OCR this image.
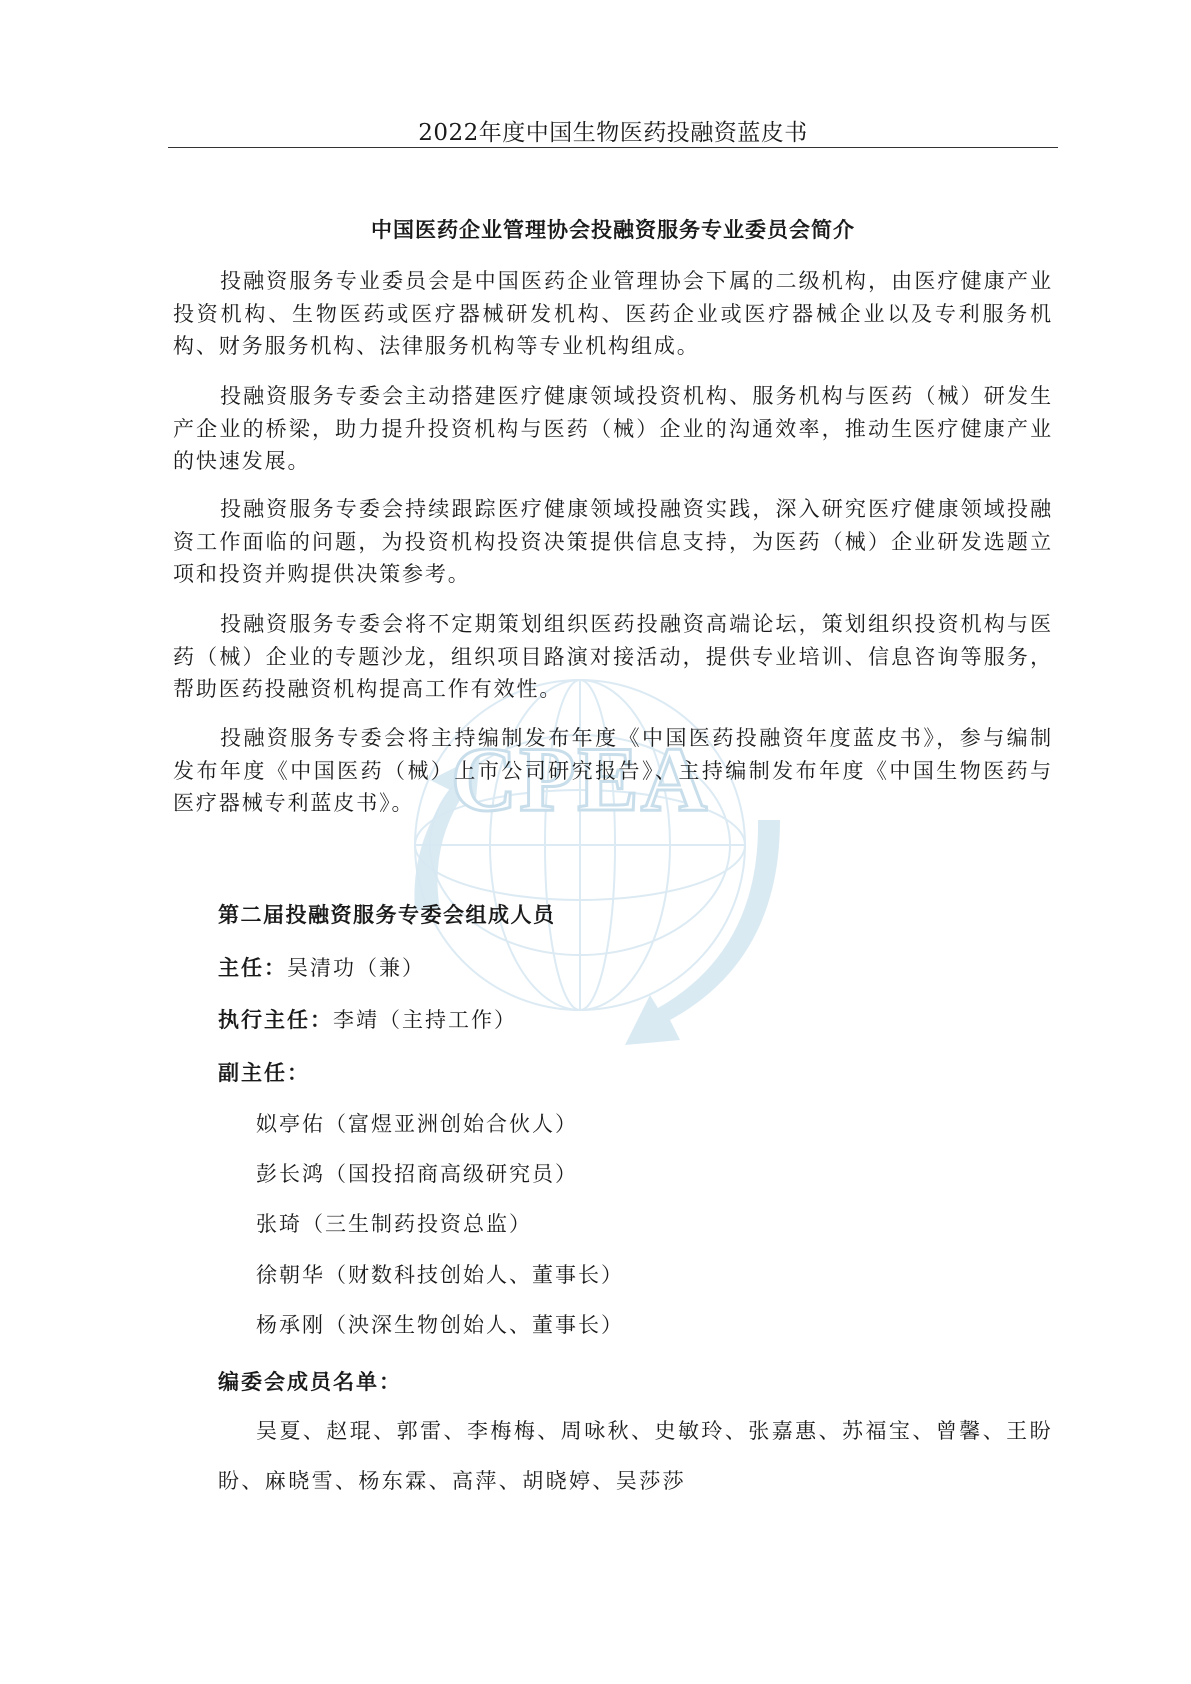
2022年度中国生物医药投融资蓝皮书
CPEA
中国医药企业管理协会投融资服务专业委员会简介

投融资服务专业委员会是中国医药企业管理协会下属的二级机构，由医疗健康产业投资机构、生物医药或医疗器械研发机构、医药企业或医疗器械企业以及专利服务机构、财务服务机构、法律服务机构等专业机构组成。

投融资服务专委会主动搭建医疗健康领域投资机构、服务机构与医药（械）研发生产企业的桥梁，助力提升投资机构与医药（械）企业的沟通效率，推动生医疗健康产业的快速发展。

投融资服务专委会持续跟踪医疗健康领域投融资实践，深入研究医疗健康领域投融资工作面临的问题，为投资机构投资决策提供信息支持，为医药（械）企业研发选题立项和投资并购提供决策参考。

投融资服务专委会将不定期策划组织医药投融资高端论坛，策划组织投资机构与医药（械）企业的专题沙龙，组织项目路演对接活动，提供专业培训、信息咨询等服务，帮助医药投融资机构提高工作有效性。

投融资服务专委会将主持编制发布年度《中国医药投融资年度蓝皮书》，参与编制发布年度《中国医药（械）上市公司研究报告》、主持编制发布年度《中国生物医药与医疗器械专利蓝皮书》。

第二届投融资服务专委会组成人员
主任：吴清功（兼）
执行主任：李靖（主持工作）
副主任：
姒亭佑（富煜亚洲创始合伙人）
彭长鸿（国投招商高级研究员）
张琦（三生制药投资总监）
徐朝华（财数科技创始人、董事长）
杨承刚（泱深生物创始人、董事长）
编委会成员名单：

吴夏、赵琨、郭雷、李梅梅、周咏秋、史敏玲、张嘉惠、苏福宝、曾馨、王盼盼、麻晓雪、杨东霖、高萍、胡晓婷、吴莎莎
